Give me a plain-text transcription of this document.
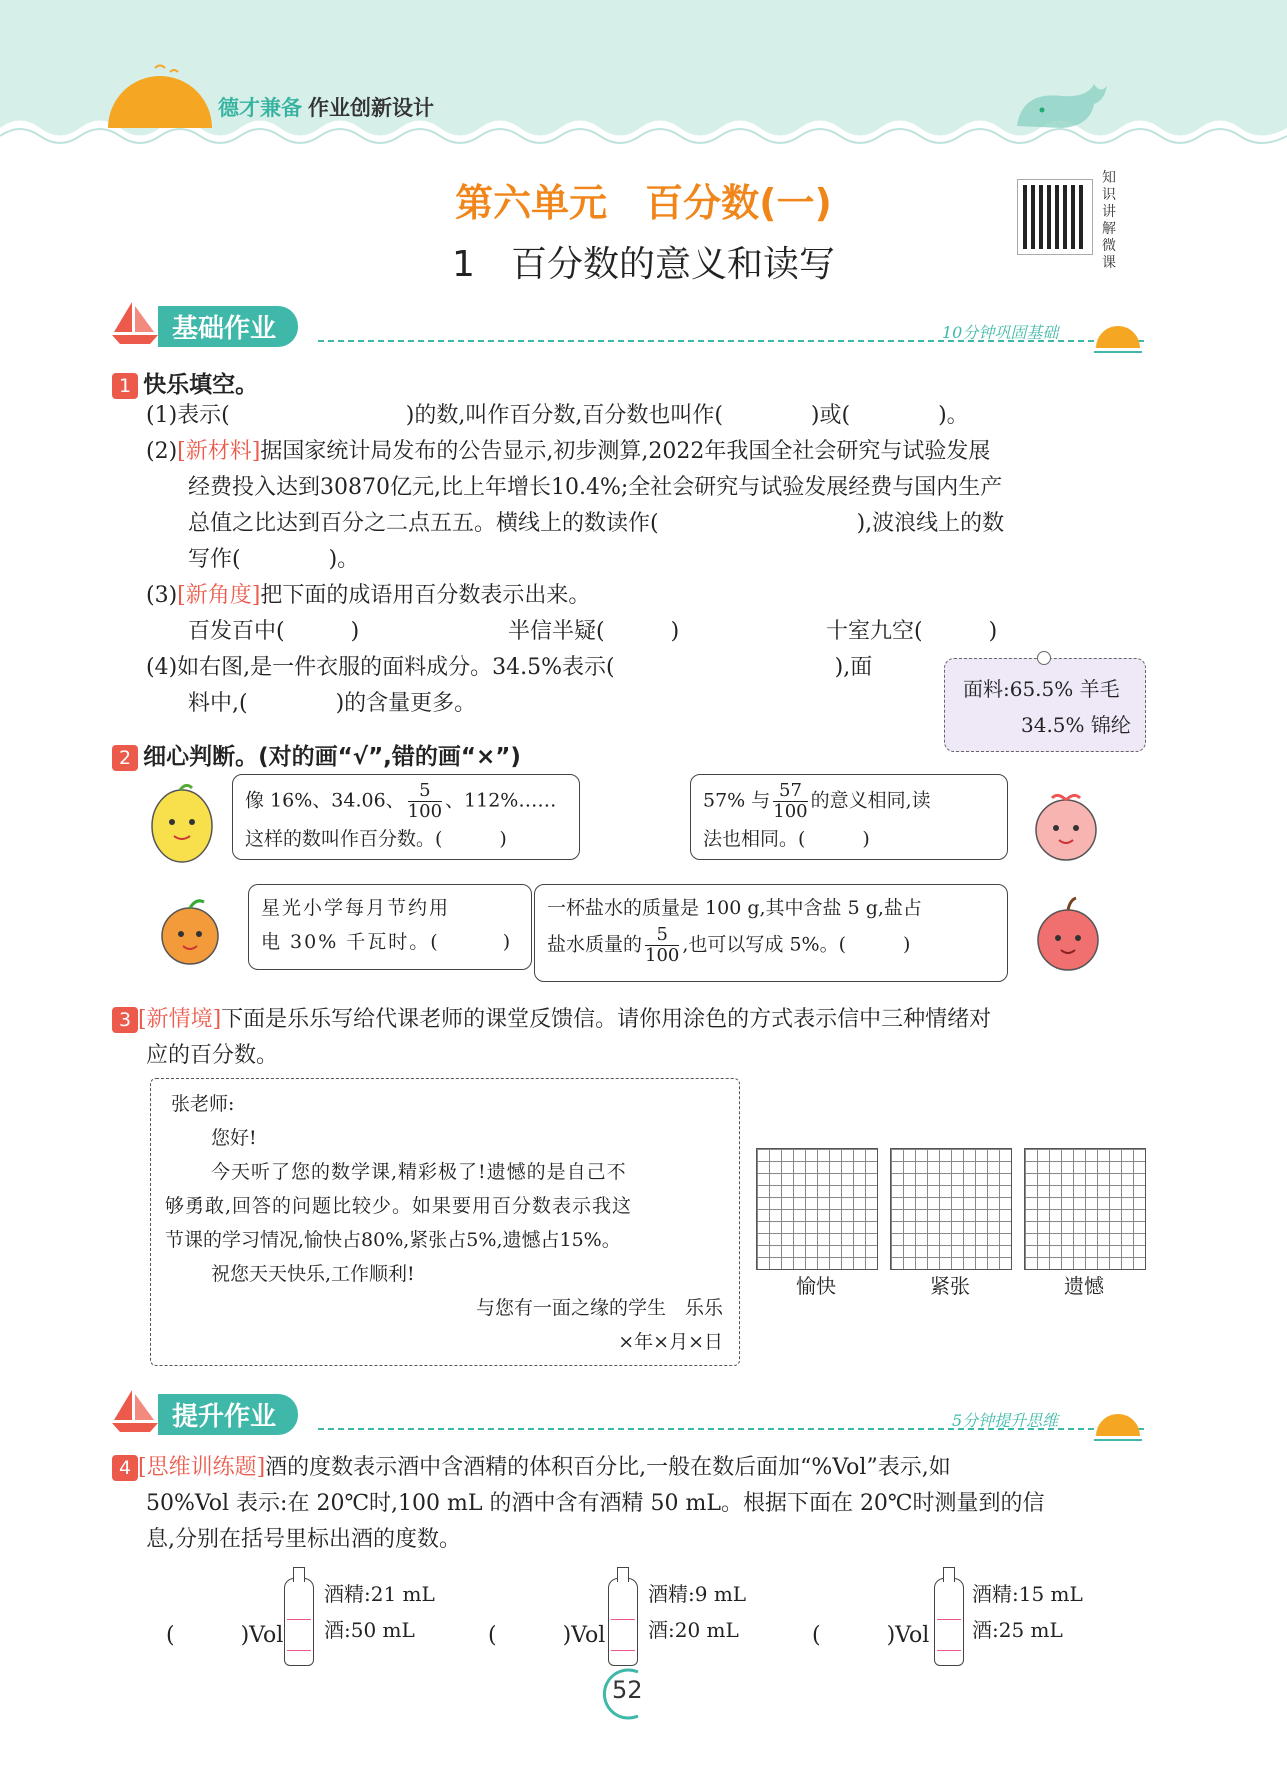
德才兼备 作业创新设计
第六单元　百分数(一)
1　百分数的意义和读写
知识讲解微课
基础作业	10分钟巩固基础
1 快乐填空。
(1)表示(　　　　　　　　)的数,叫作百分数,百分数也叫作(　　　　)或(　　　　)。
(2)[新材料]据国家统计局发布的公告显示,初步测算,2022年我国全社会研究与试验发展
经费投入达到30870亿元,比上年增长10.4%;全社会研究与试验发展经费与国内生产
总值之比达到百分之二点五五。横线上的数读作(　　　　　　　　　),波浪线上的数
写作(　　　　)。
(3)[新角度]把下面的成语用百分数表示出来。
百发百中(　　　)	半信半疑(　　　)	十室九空(　　　)
(4)如右图,是一件衣服的面料成分。34.5%表示(　　　　　　　　　　),面
料中,(　　　　)的含量更多。
面料:65.5% 羊毛
34.5% 锦纶
2 细心判断。(对的画“√”,错的画“×”)
像 16%、34.06、 $\frac{5}{100}$ 、112%……
这样的数叫作百分数。(　　　)
57% 与 $\frac{57}{100}$ 的意义相同,读
法也相同。(　　　)
星光小学每月节约用
电 30% 千瓦时。(　　　)
一杯盐水的质量是 100 g,其中含盐 5 g,盐占
盐水质量的 $\frac{5}{100}$ ,也可以写成 5%。(　　　)
3 [新情境]下面是乐乐写给代课老师的课堂反馈信。请你用涂色的方式表示信中三种情绪对
应的百分数。
张老师:
您好!
今天听了您的数学课,精彩极了!遗憾的是自己不
够勇敢,回答的问题比较少。如果要用百分数表示我这
节课的学习情况,愉快占80%,紧张占5%,遗憾占15%。
祝您天天快乐,工作顺利!
与您有一面之缘的学生　乐乐
×年×月×日
愉快	紧张	遗憾
提升作业	5分钟提升思维
4 [思维训练题]酒的度数表示酒中含酒精的体积百分比,一般在数后面加“%Vol”表示,如
50%Vol 表示:在 20℃时,100 mL 的酒中含有酒精 50 mL。根据下面在 20℃时测量到的信
息,分别在括号里标出酒的度数。
(　　　)Vol
酒精:21 mL
酒:50 mL	(　　　)Vol
酒精:9 mL
酒:20 mL	(　　　)Vol
酒精:15 mL
酒:25 mL
52
